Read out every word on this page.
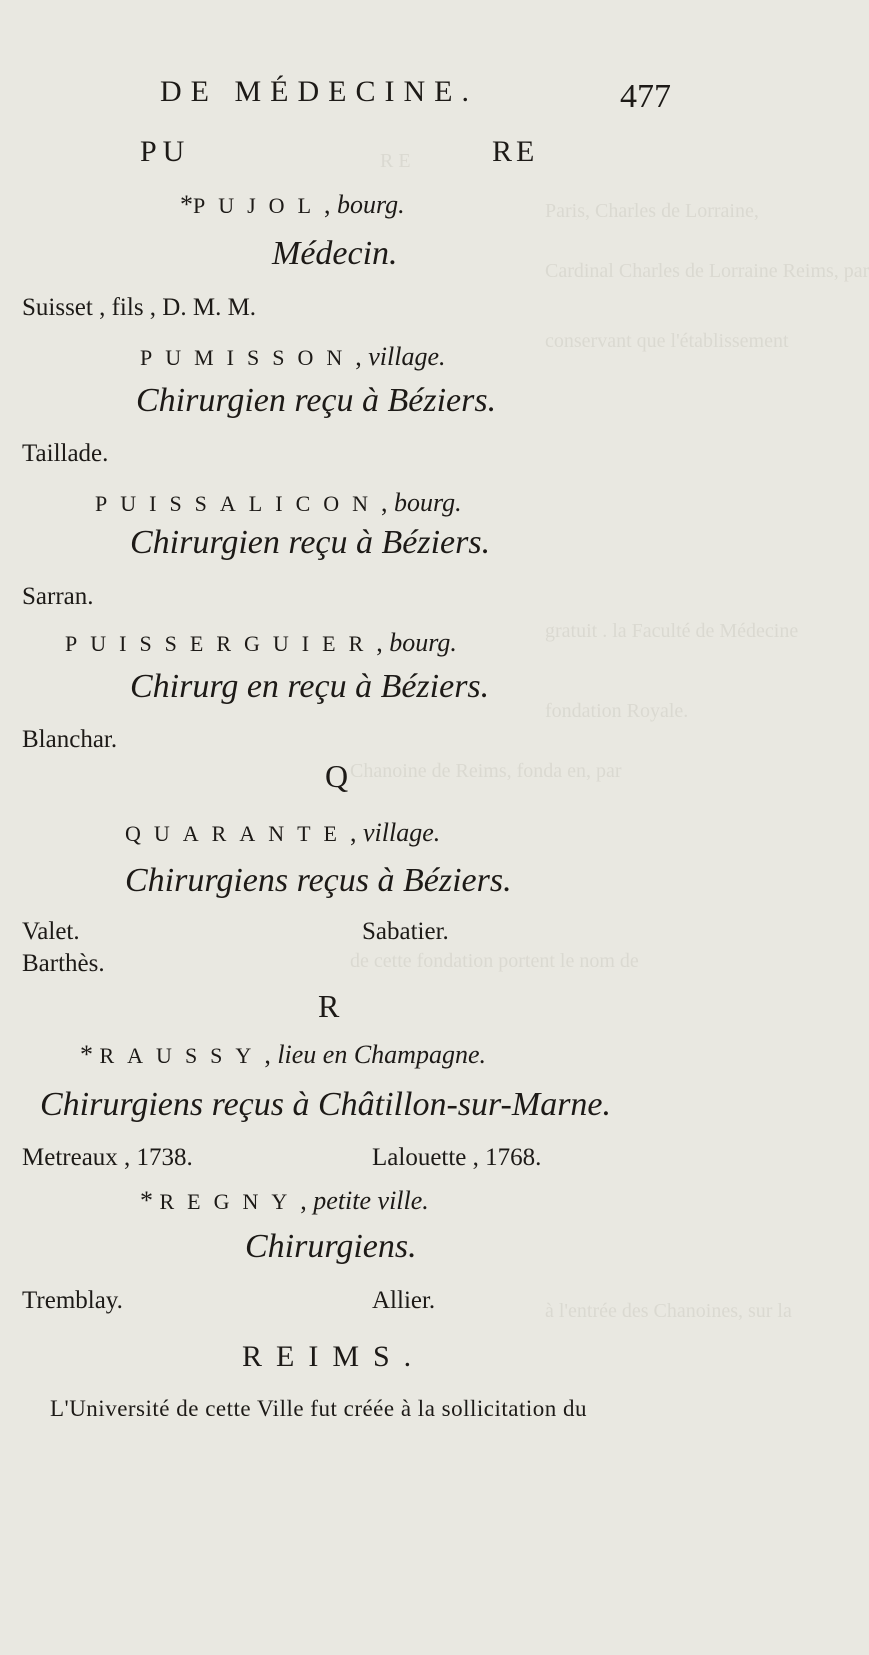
R E
Paris, Charles de Lorraine,
Cardinal Charles de Lorraine Reims, par
conservant que l'établissement
gratuit . la Faculté de Médecine
fondation Royale.
Chanoine de Reims, fonda en, par
de cette fondation portent le nom de
à l'entrée des Chanoines, sur la
DE MÉDECINE.	477
PU	RE
*PUJOL, bourg.
Médecin.
Suisset , fils , D. M. M.
PUMISSON, village.
Chirurgien reçu à Béziers.
Taillade.
PUISSALICON, bourg.
Chirurgien reçu à Béziers.
Sarran.
PUISSERGUIER, bourg.
Chirurg en reçu à Béziers.
Blanchar.
Q
QUARANTE, village.
Chirurgiens reçus à Béziers.
Valet.	Sabatier.
Barthès.
R
* RAUSSY, lieu en Champagne.
Chirurgiens reçus à Châtillon-sur-Marne.
Metreaux , 1738.	Lalouette , 1768.
* REGNY, petite ville.
Chirurgiens.
Tremblay.	Allier.
REIMS.
L'Université de cette Ville fut créée à la sollicitation du
